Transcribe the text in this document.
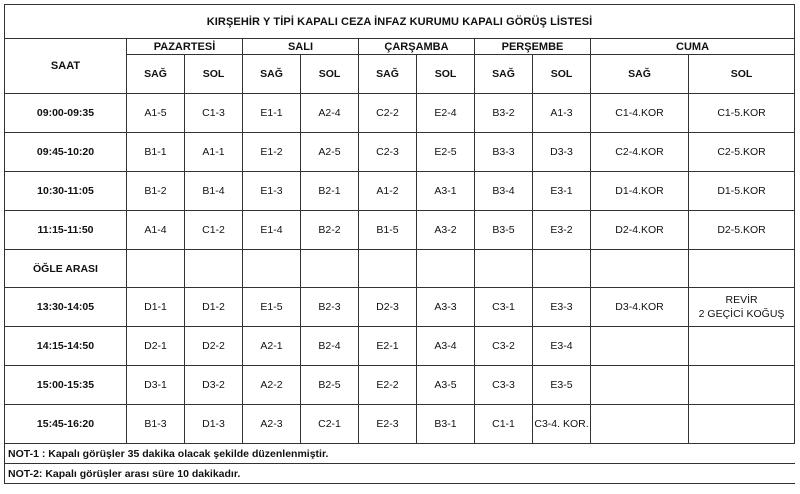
KIRŞEHİR Y TİPİ KAPALI CEZA İNFAZ KURUMU KAPALI GÖRÜŞ LİSTESİ										
SAAT	PAZARTESİ		SALI		ÇARŞAMBA		PERŞEMBE		CUMA	
	SAĞ	SOL	SAĞ	SOL	SAĞ	SOL	SAĞ	SOL	SAĞ	SOL
09:00-09:35	A1-5	C1-3	E1-1	A2-4	C2-2	E2-4	B3-2	A1-3	C1-4.KOR	C1-5.KOR
09:45-10:20	B1-1	A1-1	E1-2	A2-5	C2-3	E2-5	B3-3	D3-3	C2-4.KOR	C2-5.KOR
10:30-11:05	B1-2	B1-4	E1-3	B2-1	A1-2	A3-1	B3-4	E3-1	D1-4.KOR	D1-5.KOR
11:15-11:50	A1-4	C1-2	E1-4	B2-2	B1-5	A3-2	B3-5	E3-2	D2-4.KOR	D2-5.KOR
ÖĞLE ARASI										
13:30-14:05	D1-1	D1-2	E1-5	B2-3	D2-3	A3-3	C3-1	E3-3	D3-4.KOR	REVİR
2 GEÇİCİ KOĞUŞ

14:15-14:50	D2-1	D2-2	A2-1	B2-4	E2-1	A3-4	C3-2	E3-4		
15:00-15:35	D3-1	D3-2	A2-2	B2-5	E2-2	A3-5	C3-3	E3-5		
15:45-16:20	B1-3	D1-3	A2-3	C2-1	E2-3	B3-1	C1-1	C3-4. KOR.		
NOT-1 : Kapalı görüşler 35 dakika olacak şekilde düzenlenmiştir.										
NOT-2: Kapalı görüşler arası süre 10 dakikadır.										
